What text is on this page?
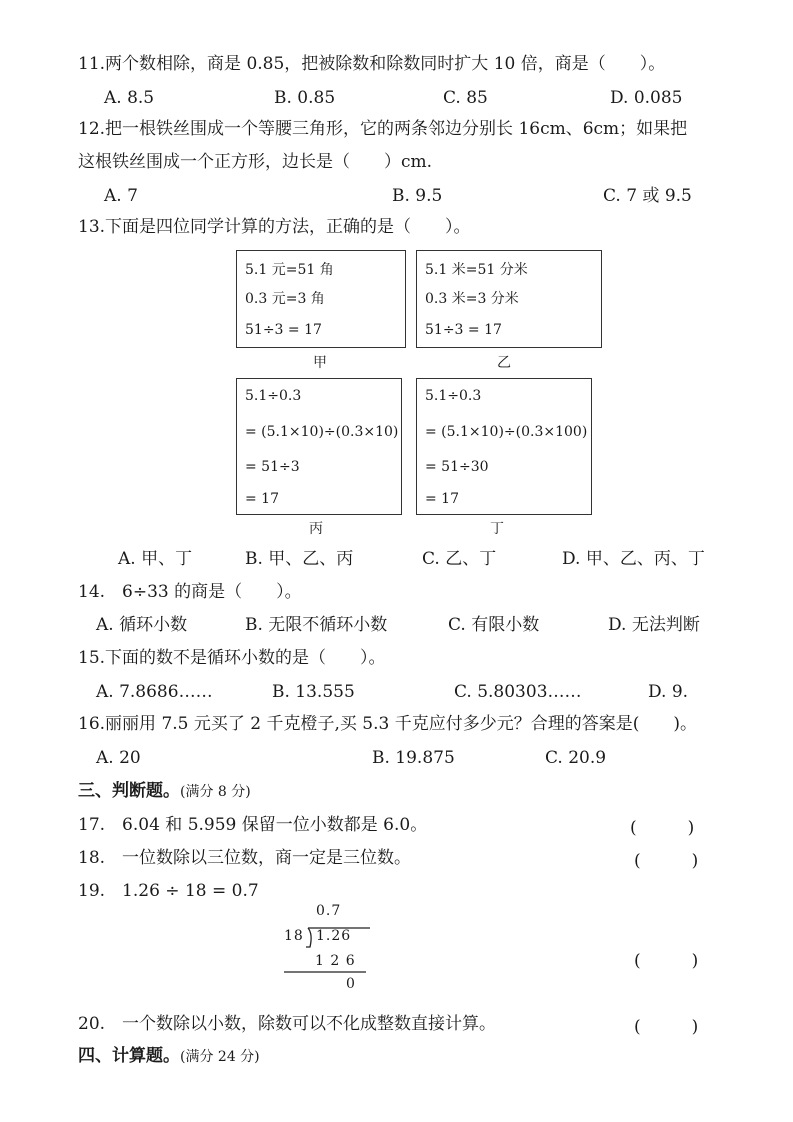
11.两个数相除，商是 0.85，把被除数和除数同时扩大 10 倍，商是（　　）。
A. 8.5	B. 0.85	C. 85	D. 0.085
12.把一根铁丝围成一个等腰三角形，它的两条邻边分别长 16cm、6cm；如果把
这根铁丝围成一个正方形，边长是（　　）cm.
A. 7	B. 9.5	C. 7 或 9.5
13.下面是四位同学计算的方法，正确的是（　　）。
5.1 元=51 角
0.3 元=3 角
51÷3 = 17
甲
5.1 米=51 分米
0.3 米=3 分米
51÷3 = 17
乙
5.1÷0.3
= (5.1×10)÷(0.3×10)
= 51÷3
= 17
丙
5.1÷0.3
= (5.1×10)÷(0.3×100)
= 51÷30
= 17
丁
A. 甲、丁	B. 甲、乙、丙	C. 乙、丁	D. 甲、乙、丙、丁
14.　6÷33 的商是（　　）。
A. 循环小数	B. 无限不循环小数	C. 有限小数	D. 无法判断
15.下面的数不是循环小数的是（　　）。
A. 7.8686……	B. 13.555	C. 5.80303……	D. 9.
16.丽丽用 7.5 元买了 2 千克橙子,买 5.3 千克应付多少元？合理的答案是(　　)。
A. 20	B. 19.875	C. 20.9
三、判断题。(满分 8 分)
17.　6.04 和 5.959 保留一位小数都是 6.0。	(　　　)
18.　一位数除以三位数，商一定是三位数。	(　　　)
19.　1.26 ÷ 18 = 0.7
0.7
18 1.26
1 2 6
0
(　　　)
20.　一个数除以小数，除数可以不化成整数直接计算。	(　　　)
四、计算题。(满分 24 分)
